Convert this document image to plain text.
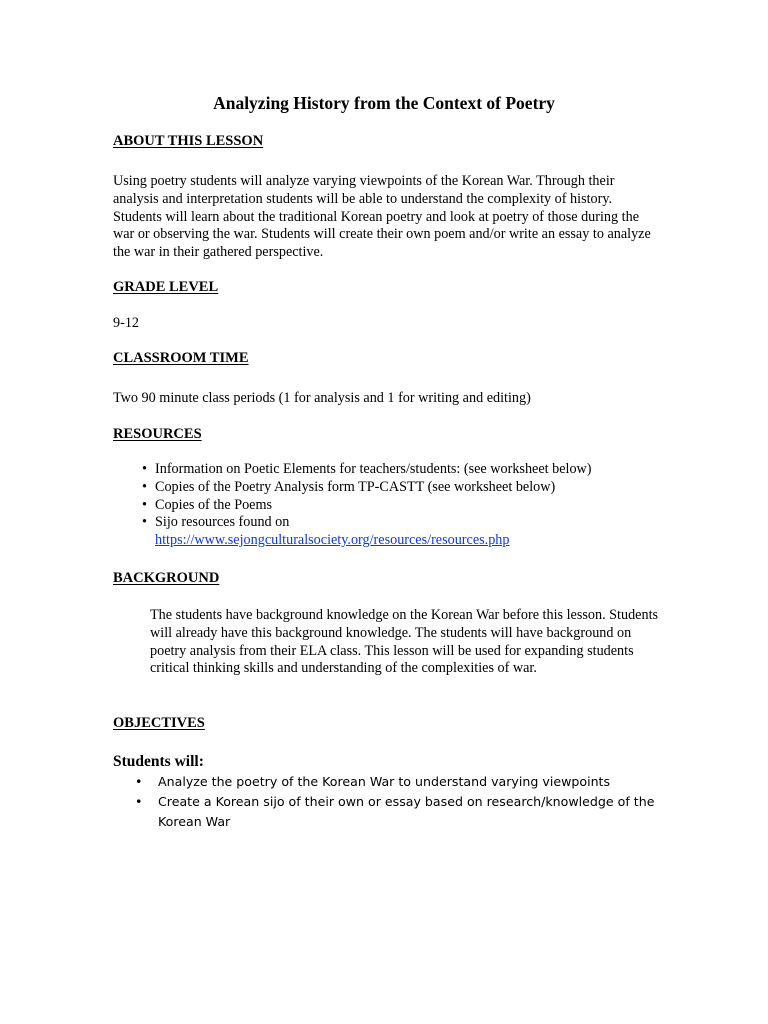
Analyzing History from the Context of Poetry
ABOUT THIS LESSON

Using poetry students will analyze varying viewpoints of the Korean War. Through their analysis and interpretation students will be able to understand the complexity of history. Students will learn about the traditional Korean poetry and look at poetry of those during the war or observing the war. Students will create their own poem and/or write an essay to analyze the war in their gathered perspective.

GRADE LEVEL

9-12

CLASSROOM TIME

Two 90 minute class periods (1 for analysis and 1 for writing and editing)

RESOURCES
• Information on Poetic Elements for teachers/students: (see worksheet below)
• Copies of the Poetry Analysis form TP-CASTT (see worksheet below)
• Copies of the Poems
• Sijo resources found on
https://www.sejongculturalsociety.org/resources/resources.php
BACKGROUND

The students have background knowledge on the Korean War before this lesson. Students will already have this background knowledge. The students will have background on poetry analysis from their ELA class. This lesson will be used for expanding students critical thinking skills and understanding of the complexities of war.

OBJECTIVES
Students will:
• Analyze the poetry of the Korean War to understand varying viewpoints
• Create a Korean sijo of their own or essay based on research/knowledge of the Korean War
